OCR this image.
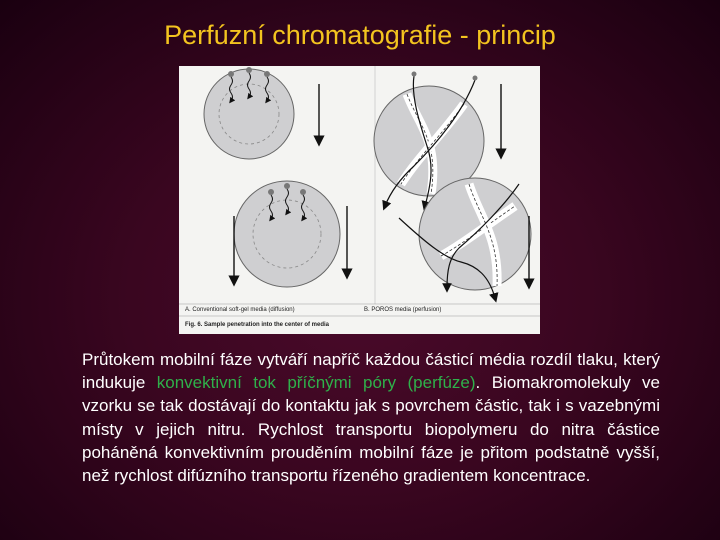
Perfúzní chromatografie - princip
A. Conventional soft-gel media (diffusion)	B. POROS media (perfusion)
Fig. 6. Sample penetration into the center of media
Průtokem mobilní fáze vytváří napříč každou částicí média rozdíl tlaku, který indukuje konvektivní tok příčnými póry (perfúze). Biomakromolekuly ve vzorku se tak dostávají do kontaktu jak s povrchem částic, tak i s vazebnými místy v jejich nitru. Rychlost transportu biopolymeru do nitra částice poháněná konvektivním prouděním mobilní fáze je přitom podstatně vyšší, než rychlost difúzního transportu řízeného gradientem koncentrace.
